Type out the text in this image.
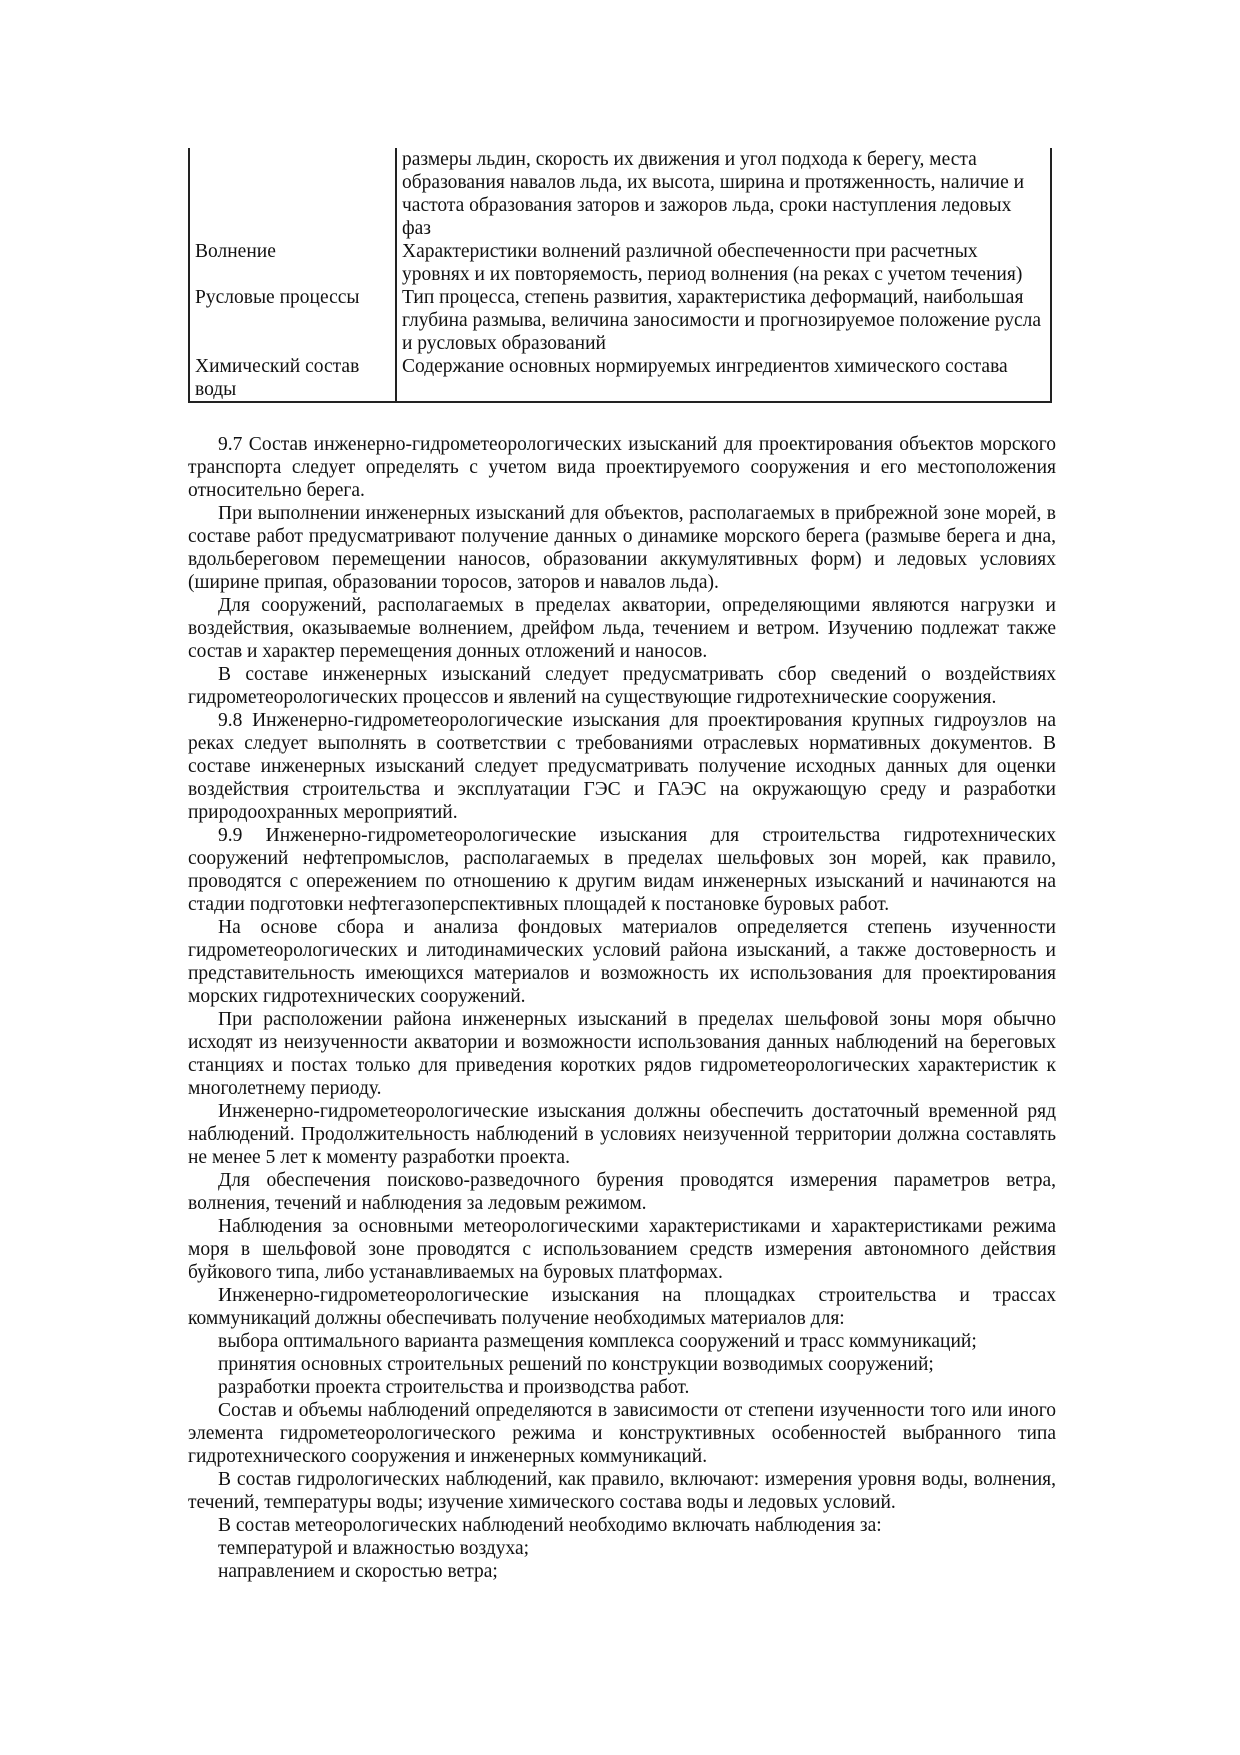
	размеры льдин, скорость их движения и угол подхода к берегу, места образования навалов льда, их высота, ширина и протяженность, наличие и частота образования заторов и зажоров льда, сроки наступления ледовых фаз
Волнение	Характеристики волнений различной обеспеченности при расчетных уровнях и их повторяемость, период волнения (на реках с учетом течения)
Русловые процессы	Тип процесса, степень развития, характеристика деформаций, наибольшая глубина размыва, величина заносимости и прогнозируемое положение русла и русловых образований
Химический состав воды	Содержание основных нормируемых ингредиентов химического состава

9.7 Состав инженерно-гидрометеорологических изысканий для проектирования объектов морского транспорта следует определять с учетом вида проектируемого сооружения и его местоположения относительно берега.

При выполнении инженерных изысканий для объектов, располагаемых в прибрежной зоне морей, в составе работ предусматривают получение данных о динамике морского берега (размыве берега и дна, вдольбереговом перемещении наносов, образовании аккумулятивных форм) и ледовых условиях (ширине припая, образовании торосов, заторов и навалов льда).

Для сооружений, располагаемых в пределах акватории, определяющими являются нагрузки и воздействия, оказываемые волнением, дрейфом льда, течением и ветром. Изучению подлежат также состав и характер перемещения донных отложений и наносов.

В составе инженерных изысканий следует предусматривать сбор сведений о воздействиях гидрометеорологических процессов и явлений на существующие гидротехнические сооружения.

9.8 Инженерно-гидрометеорологические изыскания для проектирования крупных гидроузлов на реках следует выполнять в соответствии с требованиями отраслевых нормативных документов. В составе инженерных изысканий следует предусматривать получение исходных данных для оценки воздействия строительства и эксплуатации ГЭС и ГАЭС на окружающую среду и разработки природоохранных мероприятий.

9.9 Инженерно-гидрометеорологические изыскания для строительства гидротехнических сооружений нефтепромыслов, располагаемых в пределах шельфовых зон морей, как правило, проводятся с опережением по отношению к другим видам инженерных изысканий и начинаются на стадии подготовки нефтегазоперспективных площадей к постановке буровых работ.

На основе сбора и анализа фондовых материалов определяется степень изученности гидрометеорологических и литодинамических условий района изысканий, а также достоверность и представительность имеющихся материалов и возможность их использования для проектирования морских гидротехнических сооружений.

При расположении района инженерных изысканий в пределах шельфовой зоны моря обычно исходят из неизученности акватории и возможности использования данных наблюдений на береговых станциях и постах только для приведения коротких рядов гидрометеорологических характеристик к многолетнему периоду.

Инженерно-гидрометеорологические изыскания должны обеспечить достаточный временной ряд наблюдений. Продолжительность наблюдений в условиях неизученной территории должна составлять не менее 5 лет к моменту разработки проекта.

Для обеспечения поисково-разведочного бурения проводятся измерения параметров ветра, волнения, течений и наблюдения за ледовым режимом.

Наблюдения за основными метеорологическими характеристиками и характеристиками режима моря в шельфовой зоне проводятся с использованием средств измерения автономного действия буйкового типа, либо устанавливаемых на буровых платформах.

Инженерно-гидрометеорологические изыскания на площадках строительства и трассах коммуникаций должны обеспечивать получение необходимых материалов для:

выбора оптимального варианта размещения комплекса сооружений и трасс коммуникаций;

принятия основных строительных решений по конструкции возводимых сооружений;

разработки проекта строительства и производства работ.

Состав и объемы наблюдений определяются в зависимости от степени изученности того или иного элемента гидрометеорологического режима и конструктивных особенностей выбранного типа гидротехнического сооружения и инженерных коммуникаций.

В состав гидрологических наблюдений, как правило, включают: измерения уровня воды, волнения, течений, температуры воды; изучение химического состава воды и ледовых условий.

В состав метеорологических наблюдений необходимо включать наблюдения за:

температурой и влажностью воздуха;

направлением и скоростью ветра;
